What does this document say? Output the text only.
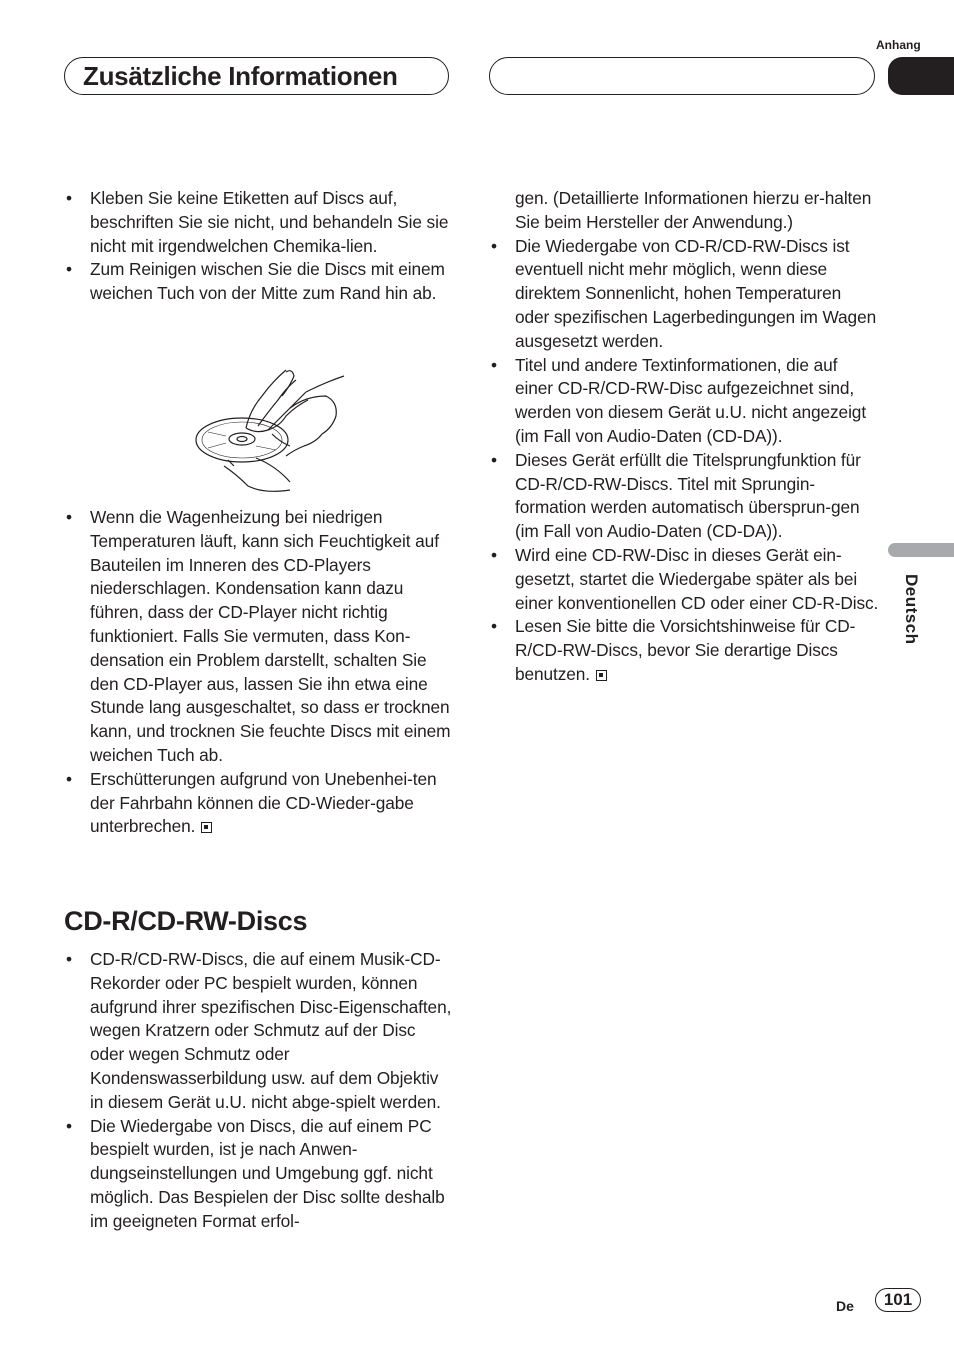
Anhang
Zusätzliche Informationen
Deutsch
• Kleben Sie keine Etiketten auf Discs auf, beschriften Sie sie nicht, und behandeln Sie sie nicht mit irgendwelchen Chemika-lien.
• Zum Reinigen wischen Sie die Discs mit einem weichen Tuch von der Mitte zum Rand hin ab.
• Wenn die Wagenheizung bei niedrigen Temperaturen läuft, kann sich Feuchtigkeit auf Bauteilen im Inneren des CD-Players niederschlagen. Kondensation kann dazu führen, dass der CD-Player nicht richtig funktioniert. Falls Sie vermuten, dass Kon-densation ein Problem darstellt, schalten Sie den CD-Player aus, lassen Sie ihn etwa eine Stunde lang ausgeschaltet, so dass er trocknen kann, und trocknen Sie feuchte Discs mit einem weichen Tuch ab.
• Erschütterungen aufgrund von Unebenhei-ten der Fahrbahn können die CD-Wieder-gabe unterbrechen.
CD-R/CD-RW-Discs
• CD-R/CD-RW-Discs, die auf einem Musik-CD-Rekorder oder PC bespielt wurden, können aufgrund ihrer spezifischen Disc-Eigenschaften, wegen Kratzern oder Schmutz auf der Disc oder wegen Schmutz oder Kondenswasserbildung usw. auf dem Objektiv in diesem Gerät u.U. nicht abge-spielt werden.
• Die Wiedergabe von Discs, die auf einem PC bespielt wurden, ist je nach Anwen-dungseinstellungen und Umgebung ggf. nicht möglich. Das Bespielen der Disc sollte deshalb im geeigneten Format erfol-
gen. (Detaillierte Informationen hierzu er-halten Sie beim Hersteller der Anwendung.)
• Die Wiedergabe von CD-R/CD-RW-Discs ist eventuell nicht mehr möglich, wenn diese direktem Sonnenlicht, hohen Temperaturen oder spezifischen Lagerbedingungen im Wagen ausgesetzt werden.
• Titel und andere Textinformationen, die auf einer CD-R/CD-RW-Disc aufgezeichnet sind, werden von diesem Gerät u.U. nicht angezeigt (im Fall von Audio-Daten (CD-DA)).
• Dieses Gerät erfüllt die Titelsprungfunktion für CD-R/CD-RW-Discs. Titel mit Sprungin-formation werden automatisch übersprun-gen (im Fall von Audio-Daten (CD-DA)).
• Wird eine CD-RW-Disc in dieses Gerät ein-gesetzt, startet die Wiedergabe später als bei einer konventionellen CD oder einer CD-R-Disc.
• Lesen Sie bitte die Vorsichtshinweise für CD-R/CD-RW-Discs, bevor Sie derartige Discs benutzen.
De	101
